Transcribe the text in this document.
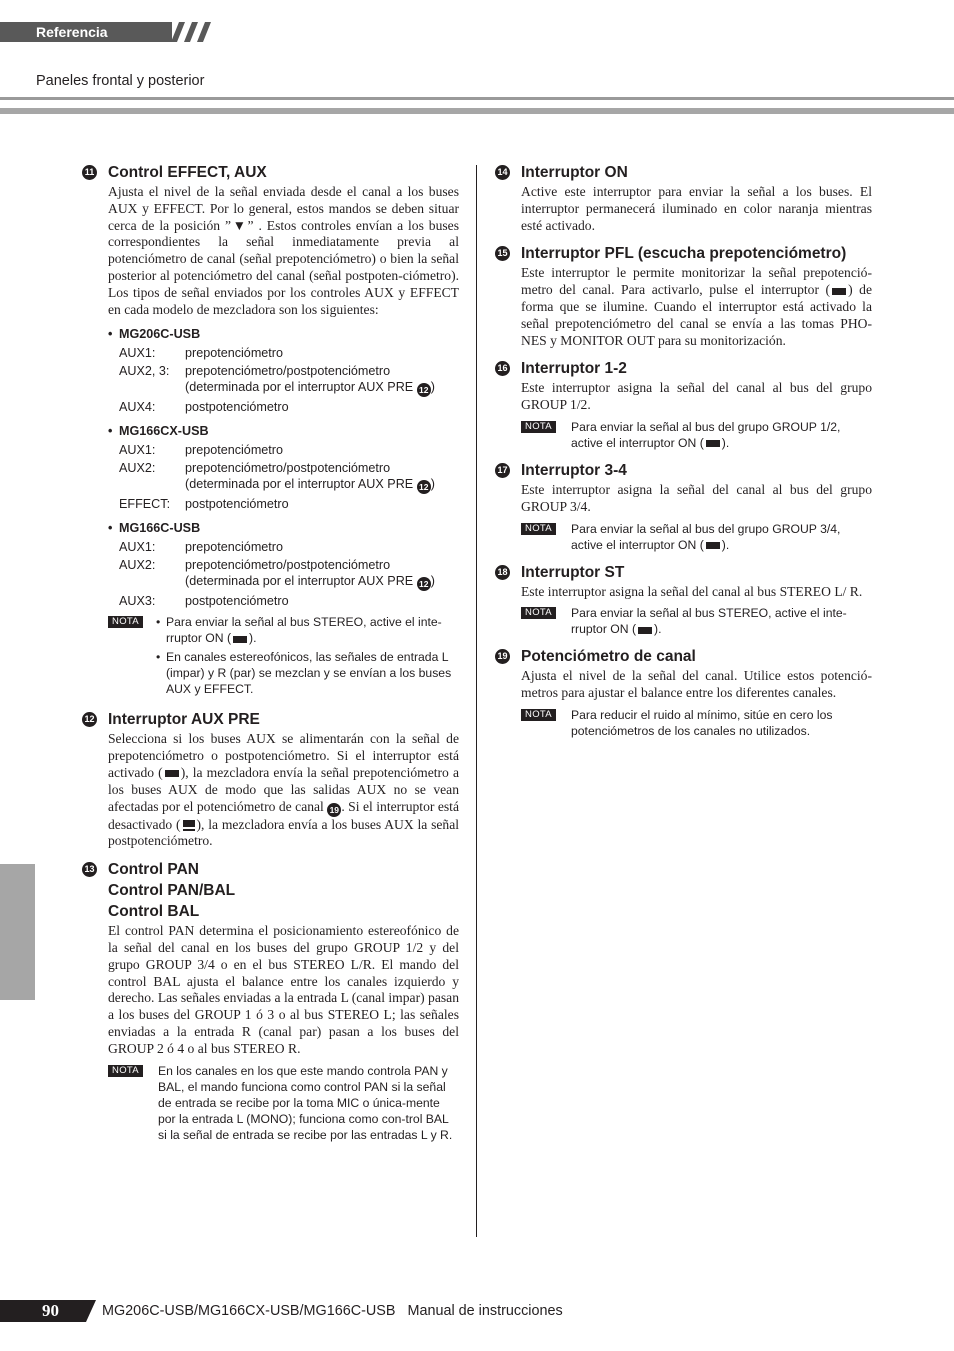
Referencia
Paneles frontal y posterior
11 Control EFFECT, AUX

Ajusta el nivel de la señal enviada desde el canal a los buses AUX y EFFECT. Por lo general, estos mandos se deben situar cerca de la posición ”▼” . Estos controles envían a los buses correspondientes la señal inmediatamente previa al potenciómetro de canal (señal prepotenciómetro) o bien la señal posterior al potenciómetro del canal (señal postpoten-ciómetro). Los tipos de señal enviados por los controles AUX y EFFECT en cada modelo de mezcladora son los siguientes:

• MG206C-USB
AUX1:	prepotenciómetro
AUX2, 3:	prepotenciómetro/postpotenciómetro
(determinada por el interruptor AUX PRE 12 )
AUX4:	postpotenciómetro
• MG166CX-USB
AUX1:	prepotenciómetro
AUX2:	prepotenciómetro/postpotenciómetro
(determinada por el interruptor AUX PRE 12 )
EFFECT:	postpotenciómetro
• MG166C-USB
AUX1:	prepotenciómetro
AUX2:	prepotenciómetro/postpotenciómetro
(determinada por el interruptor AUX PRE 12 )
AUX3:	postpotenciómetro
NOTA
•	Para enviar la señal al bus STEREO, active el inte-rruptor ON ( ).
• En canales estereofónicos, las señales de entrada L (impar) y R (par) se mezclan y se envían a los buses AUX y EFFECT.
12 Interruptor AUX PRE

Selecciona si los buses AUX se alimentarán con la señal de prepotenciómetro o postpotenciómetro. Si el interruptor está activado ( ), la mezcladora envía la señal prepotenciómetro a los buses AUX de modo que las salidas AUX no se vean afectadas por el potenciómetro de canal 19 . Si el interruptor está desactivado ( ), la mezcladora envía a los buses AUX la señal postpotenciómetro.

13 Control PAN
Control PAN/BAL
Control BAL

El control PAN determina el posicionamiento estereofónico de la señal del canal en los buses del grupo GROUP 1/2 y del grupo GROUP 3/4 o en el bus STEREO L/R. El mando del control BAL ajusta el balance entre los canales izquierdo y derecho. Las señales enviadas a la entrada L (canal impar) pasan a los buses del GROUP 1 ó 3 o al bus STEREO L; las señales enviadas a la entrada R (canal par) pasan a los buses del GROUP 2 ó 4 o al bus STEREO R.

NOTA	En los canales en los que este mando controla PAN y BAL, el mando funciona como control PAN si la señal de entrada se recibe por la toma MIC o única-mente por la entrada L (MONO); funciona como con-trol BAL si la señal de entrada se recibe por las entradas L y R.
14 Interruptor ON

Active este interruptor para enviar la señal a los buses. El interruptor permanecerá iluminado en color naranja mientras esté activado.

15 Interruptor PFL (escucha prepotenciómetro)

Este interruptor le permite monitorizar la señal prepotenció-metro del canal. Para activarlo, pulse el interruptor ( ) de forma que se ilumine. Cuando el interruptor está activado la señal prepotenciómetro del canal se envía a las tomas PHO-NES y MONITOR OUT para su monitorización.

16 Interruptor 1-2

Este interruptor asigna la señal del canal al bus del grupo GROUP 1/2.

NOTA	Para enviar la señal al bus del grupo GROUP 1/2, active el interruptor ON ( ).
17 Interruptor 3-4

Este interruptor asigna la señal del canal al bus del grupo GROUP 3/4.

NOTA	Para enviar la señal al bus del grupo GROUP 3/4, active el interruptor ON ( ).
18 Interruptor ST

Este interruptor asigna la señal del canal al bus STEREO L/ R.

NOTA	Para enviar la señal al bus STEREO, active el inte-rruptor ON ( ).
19 Potenciómetro de canal

Ajusta el nivel de la señal del canal. Utilice estos potenció-metros para ajustar el balance entre los diferentes canales.

NOTA	Para reducir el ruido al mínimo, sitúe en cero los potenciómetros de los canales no utilizados.
90	MG206C-USB/MG166CX-USB/MG166C-USB   Manual de instrucciones
